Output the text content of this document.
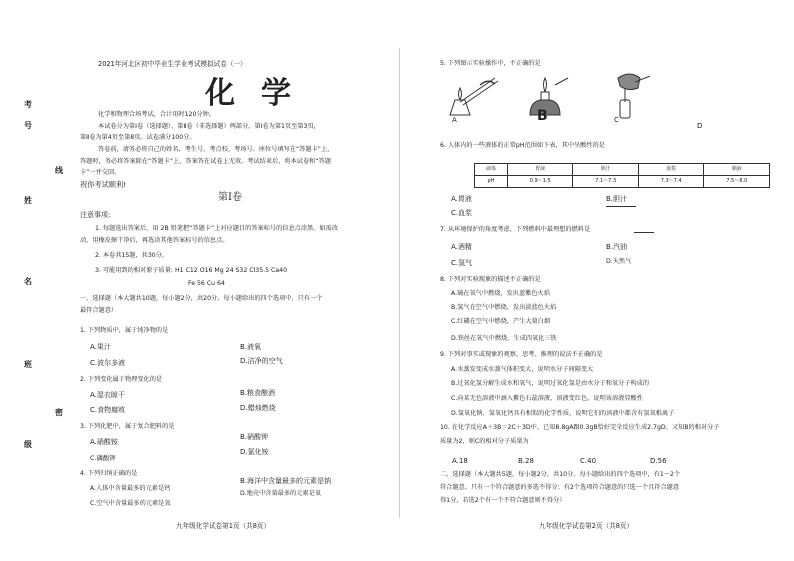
考
号
线
姓
名
班
密
级
2021年河北区初中毕业生学业考试模拟试卷（一）
化学
化学和物理合场考试，合计用时120分钟。
本试卷分为第Ⅰ卷（选择题）、第Ⅱ卷（非选择题）两部分。第Ⅰ卷为第1页至第3页，
第Ⅱ卷为第4页至第8页。试卷满分100分。
答卷前，请务必将自己的姓名、考生号、考点校、考场号、座位号填写在“答题卡”上，
答题时，务必将答案除在“答题卡”上，答案答在试卷上无效。考试结束后，将本试卷和“答题
卡”一并交回。
祝你考试顺利!
第Ⅰ卷
注意事项:
1. 每题选出答案后，用 2B 铅笔把“答题卡”上对应题目的答案标号的信息点涂黑。如需改
动，用橡皮擦干净后，再选涂其他答案标号的信息点。
2. 本卷共15题，共30分。
3. 可能用到的相对原子质量: H1 C12 O16 Mg 24 S32 Cl35.5 Ca40
Fe 56 Cu 64
一、选择题（本大题共10题，每小题2分，共20分。每小题给出的四个选项中，只有一个
最符合题意）
1. 下列物质中，属于纯净物的是
A.果汁	B.液氧
C.波尔多液	D.洁净的空气
2. 下列变化属于物理变化的是
A.湿衣晾干	B.粮食酿酒
C.食物腐败	D.蜡烛燃烧
3. 下列化肥中，属于复合肥料的是
A.硝酸铵
B.硝酸钾
C.磷酸钾
D.氯化铵
4. 下列归纳正确的是
A.人体中含量最多的元素是钙
B.海洋中含量最多的元素是钠
C.空气中含量最多的元素是氧
D.地壳中含量最多的元素是氧
九年级化学试卷第1页（共8页）
5. 下列图示实验操作中，不正确的是
A	B	C
D
6. 人体内的一些液体的正常pH范围如下表，其中呈酸性的是
液体	胃液	胆汁	血浆	胰液
pH	0.9～1.5	7.1～7.3	7.3～7.4	7.5～8.0
A.胃液	B.胆汁
C.血浆
7. 从环境保护的角度考虑，下列燃料中最理想的燃料是
A.酒精	B.汽油
C.氢气	D.天然气
8. 下列对实验现象的描述不正确的是
A.硫在氧气中燃烧，发出蓝紫色火焰
B.氢气在空气中燃烧，发出淡蓝色火焰
C.红磷在空气中燃烧，产生大量白烟
D.铁丝在氧气中燃烧，生成四氧化三铁
9. 下列对事实或现象的观察、思考、推理的说法不正确的是
A.水蒸发变成水蒸气体积变大，说明水分子间隔变大
B.过氧化氢分解生成水和氧气，说明过氧化氢是由水分子和氧分子构成的
C.向某无色溶液中滴入紫色石蕊溶液，溶液变红色，说明该溶液显酸性
D.氢氧化钠、氢氧化钙具有相似的化学性质，说明它们的溶液中都含有氢氧根离子
10. 在化学反应A＋3B＝2C＋3D中，已知8.8gA跟0.3gB恰好完全反应生成2.7gD。又知B的相对分子
质量为2，则C的相对分子质量为
A.18	B.28	C.40	D.56
二、选择题（本大题共5题，每小题2分，共10分。每小题给出的四个选项中，有1～2个
符合题意。只有一个符合题意的多选不得分；有2个选项符合题意的只选一个且符合题意
得1分，若选2个有一个不符合题意则不得分）
九年级化学试卷第2页（共8页）
